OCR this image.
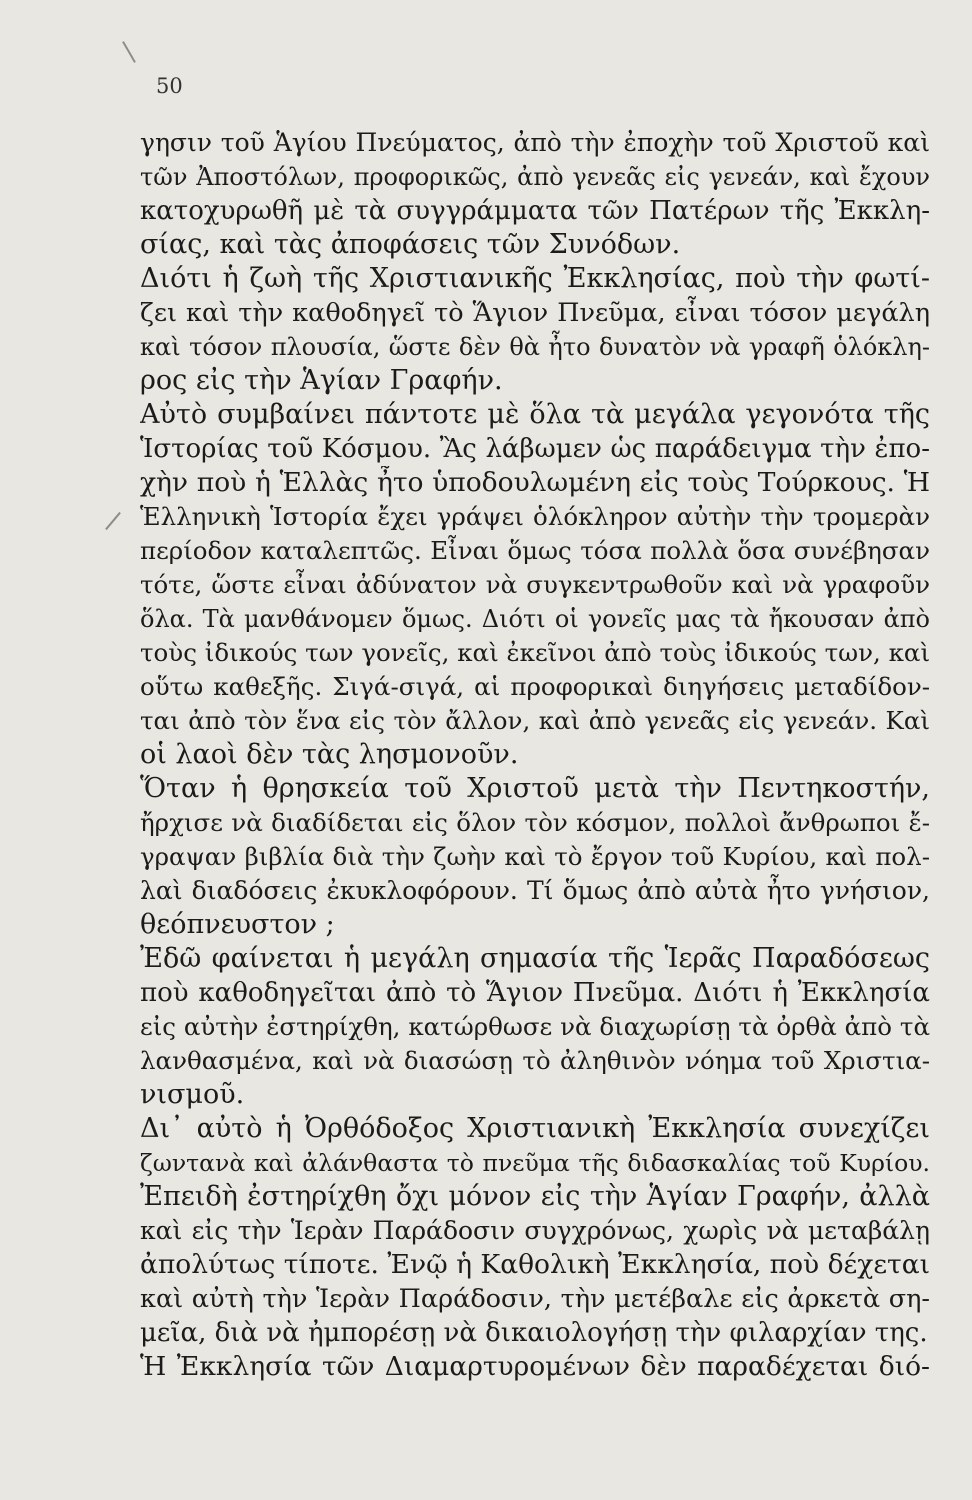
50
γησιν τοῦ Ἁγίου Πνεύματος, ἀπὸ τὴν ἐποχὴν τοῦ Χριστοῦ καὶ
τῶν Ἀποστόλων, προφορικῶς, ἀπὸ γενεᾶς εἰς γενεάν, καὶ ἔχουν
κατοχυρωθῆ μὲ τὰ συγγράμματα τῶν Πατέρων τῆς Ἐκκλη-
σίας, καὶ τὰς ἀποφάσεις τῶν Συνόδων.
Διότι ἡ ζωὴ τῆς Χριστιανικῆς Ἐκκλησίας, ποὺ τὴν φωτί-
ζει καὶ τὴν καθοδηγεῖ τὸ Ἅγιον Πνεῦμα, εἶναι τόσον μεγάλη
καὶ τόσον πλουσία, ὥστε δὲν θὰ ἦτο δυνατὸν νὰ γραφῆ ὁλόκλη-
ρος εἰς τὴν Ἁγίαν Γραφήν.
Αὐτὸ συμβαίνει πάντοτε μὲ ὅλα τὰ μεγάλα γεγονότα τῆς
Ἱστορίας τοῦ Κόσμου. Ἂς λάβωμεν ὡς παράδειγμα τὴν ἐπο-
χὴν ποὺ ἡ Ἑλλὰς ἦτο ὑποδουλωμένη εἰς τοὺς Τούρκους. Ἡ
Ἑλληνικὴ Ἱστορία ἔχει γράψει ὁλόκληρον αὐτὴν τὴν τρομερὰν
περίοδον καταλεπτῶς. Εἶναι ὅμως τόσα πολλὰ ὅσα συνέβησαν
τότε, ὥστε εἶναι ἀδύνατον νὰ συγκεντρωθοῦν καὶ νὰ γραφοῦν
ὅλα. Τὰ μανθάνομεν ὅμως. Διότι οἱ γονεῖς μας τὰ ἤκουσαν ἀπὸ
τοὺς ἰδικούς των γονεῖς, καὶ ἐκεῖνοι ἀπὸ τοὺς ἰδικούς των, καὶ
οὕτω καθεξῆς. Σιγά-σιγά, αἱ προφορικαὶ διηγήσεις μεταδίδον-
ται ἀπὸ τὸν ἕνα εἰς τὸν ἄλλον, καὶ ἀπὸ γενεᾶς εἰς γενεάν. Καὶ
οἱ λαοὶ δὲν τὰς λησμονοῦν.
Ὅταν ἡ θρησκεία τοῦ Χριστοῦ μετὰ τὴν Πεντηκοστήν,
ἤρχισε νὰ διαδίδεται εἰς ὅλον τὸν κόσμον, πολλοὶ ἄνθρωποι ἔ-
γραψαν βιβλία διὰ τὴν ζωὴν καὶ τὸ ἔργον τοῦ Κυρίου, καὶ πολ-
λαὶ διαδόσεις ἐκυκλοφόρουν. Τί ὅμως ἀπὸ αὐτὰ ἦτο γνήσιον,
θεόπνευστον ;
Ἐδῶ φαίνεται ἡ μεγάλη σημασία τῆς Ἱερᾶς Παραδόσεως
ποὺ καθοδηγεῖται ἀπὸ τὸ Ἅγιον Πνεῦμα. Διότι ἡ Ἐκκλησία
εἰς αὐτὴν ἐστηρίχθη, κατώρθωσε νὰ διαχωρίσῃ τὰ ὀρθὰ ἀπὸ τὰ
λανθασμένα, καὶ νὰ διασώσῃ τὸ ἀληθινὸν νόημα τοῦ Χριστια-
νισμοῦ.
Δι᾽ αὐτὸ ἡ Ὀρθόδοξος Χριστιανικὴ Ἐκκλησία συνεχίζει
ζωντανὰ καὶ ἀλάνθαστα τὸ πνεῦμα τῆς διδασκαλίας τοῦ Κυρίου.
Ἐπειδὴ ἐστηρίχθη ὄχι μόνον εἰς τὴν Ἁγίαν Γραφήν, ἀλλὰ
καὶ εἰς τὴν Ἱερὰν Παράδοσιν συγχρόνως, χωρὶς νὰ μεταβάλῃ
ἀπολύτως τίποτε. Ἐνῷ ἡ Καθολικὴ Ἐκκλησία, ποὺ δέχεται
καὶ αὐτὴ τὴν Ἱερὰν Παράδοσιν, τὴν μετέβαλε εἰς ἀρκετὰ ση-
μεῖα, διὰ νὰ ἠμπορέσῃ νὰ δικαιολογήσῃ τὴν φιλαρχίαν της.
Ἡ Ἐκκλησία τῶν Διαμαρτυρομένων δὲν παραδέχεται διό-
